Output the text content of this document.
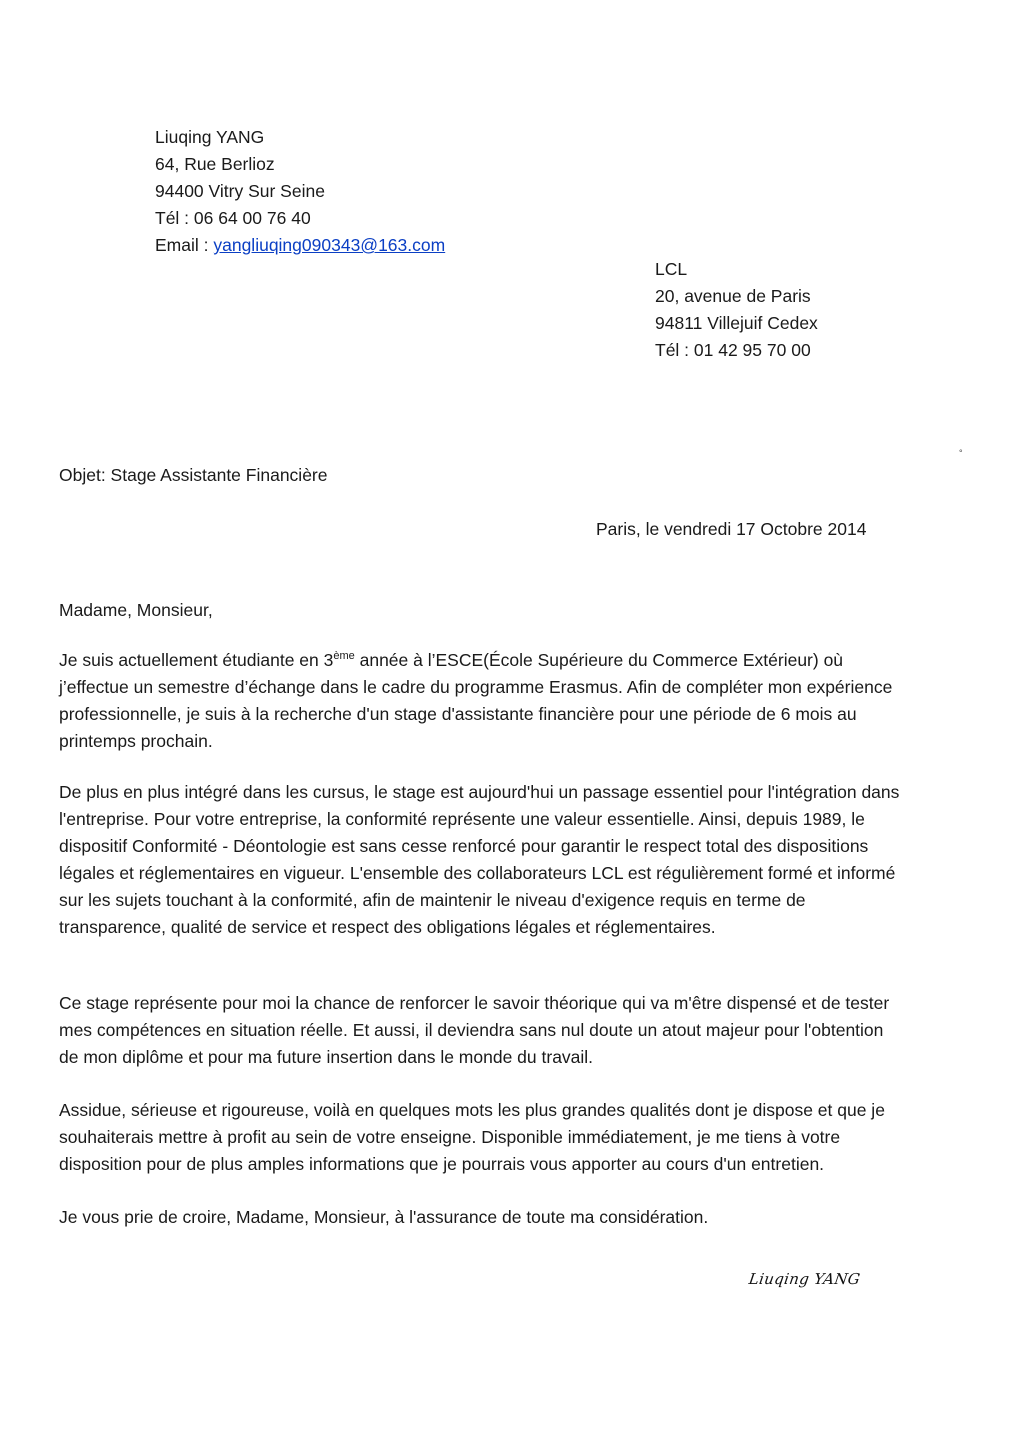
Liuqing YANG
64, Rue Berlioz
94400 Vitry Sur Seine
Tél : 06 64 00 76 40
Email : yangliuqing090343@163.com
LCL
20, avenue de Paris
94811 Villejuif Cedex
Tél : 01 42 95 70 00
°
Objet: Stage Assistante Financière
Paris, le vendredi 17 Octobre 2014
Madame, Monsieur,
Je suis actuellement étudiante en 3ème année à l’ESCE(École Supérieure du Commerce Extérieur) où
j’effectue un semestre d’échange dans le cadre du programme Erasmus. Afin de compléter mon expérience
professionnelle, je suis à la recherche d'un stage d'assistante financière pour une période de 6 mois au
printemps prochain.
De plus en plus intégré dans les cursus, le stage est aujourd'hui un passage essentiel pour l'intégration dans
l'entreprise. Pour votre entreprise, la conformité représente une valeur essentielle. Ainsi, depuis 1989, le
dispositif Conformité - Déontologie est sans cesse renforcé pour garantir le respect total des dispositions
légales et réglementaires en vigueur. L'ensemble des collaborateurs LCL est régulièrement formé et informé
sur les sujets touchant à la conformité, afin de maintenir le niveau d'exigence requis en terme de
transparence, qualité de service et respect des obligations légales et réglementaires.
Ce stage représente pour moi la chance de renforcer le savoir théorique qui va m'être dispensé et de tester
mes compétences en situation réelle. Et aussi, il deviendra sans nul doute un atout majeur pour l'obtention
de mon diplôme et pour ma future insertion dans le monde du travail.
Assidue, sérieuse et rigoureuse, voilà en quelques mots les plus grandes qualités dont je dispose et que je
souhaiterais mettre à profit au sein de votre enseigne. Disponible immédiatement, je me tiens à votre
disposition pour de plus amples informations que je pourrais vous apporter au cours d'un entretien.
Je vous prie de croire, Madame, Monsieur, à l'assurance de toute ma considération.
Liuqing YANG
